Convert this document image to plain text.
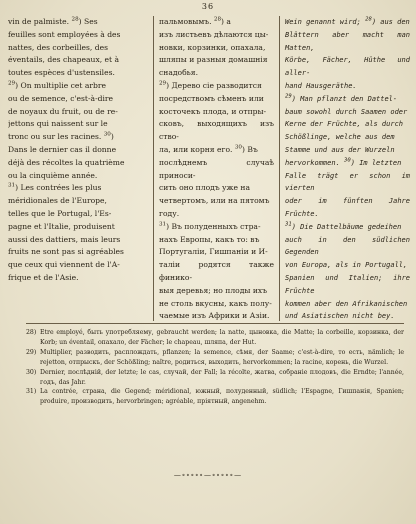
36

vin de palmiste. $^{28}$) Ses

feuilles sont employées à des

nattes, des corbeilles, des

éventails, des chapeaux, et à

toutes espèces d'ustensiles.

$^{29}$) On multiplie cet arbre

ou de semence, c'est-à-dire

de noyaux du fruit, ou de re-

jettons qui naissent sur le

tronc ou sur les racines. $^{30}$)

Dans le dernier cas il donne

déjà des récoltes la quatrième

ou la cinquième année.

$^{31}$) Les contrées les plus

méridionales de l'Europe,

telles que le Portugal, l'Es-

pagne et l'Italie, produisent

aussi des dattiers, mais leurs

fruits ne sont pas si agréables

que ceux qui viennent de l'A-

frique et de l'Asie.

пальмовымъ. $^{28}$) а

изъ листьевъ дѣлаются цы-

новки, корзинки, опахала,

шляпы и разныя домашнія

снадобья.

$^{29}$) Дерево сіе разводится

посредствомъ сѣменъ или

косточекъ плода, и отпры-

сковъ, выходящихъ изъ ство-

ла, или корня его. $^{30}$) Въ

послѣднемъ случаѣ приноси-

сить оно плодъ уже на

четвертомъ, или на пятомъ

году.

$^{31}$) Въ полуденныхъ стра-

нахъ Европы, какъ то: въ

Португаліи, Гишпаніи и И-

таліи родятся также финико-

выя деревья; но плоды ихъ

не столь вкусны, какъ полу-

чаемые изъ Африки и Азіи.

Wein genannt wird; $^{28}$) aus den

Blättern aber macht man Matten,

Körbe, Fächer, Hüthe und aller-

hand Hausgeräthe.

$^{29}$) Man pflanzt den Dattel-

baum sowohl durch Saamen oder

Kerne der Früchte, als durch

Schößlinge, welche aus dem

Stamme und aus der Wurzeln

hervorkommen. $^{30}$) Im letzten

Falle trägt er schon im vierten

oder im fünften Jahre Früchte.

$^{31}$) Die Dattelbäume gedeihen

auch in den südlichen Gegenden

von Europa, als in Portugall,

Spanien und Italien; ihre Früchte

kommen aber den Afrikanischen

und Asiatischen nicht bey.

28) Etre employé, быть употребляему, gebraucht werden; la natte, цыновка, die Matte; la corbeille, корзинка, der Korb; un éventail, опахало, der Fächer; le chapeau, шляпа, der Hut.
29) Multiplier, разводить, расплождать, pflanzen; la semence, сѣмя, der Saame; c'est-à-dire, то есть, nämlich; le rejetton, отпрыскъ, der Schößling; naître, родиться, выходить, hervorkommen; la racine, корень, die Wurzel.
30) Dernier, послѣдній, der letzte; le cas, случай, der Fall; la récolte, жатва, собраніе плодовъ, die Erndte; l'année, годъ, das Jahr.
31) La contrée, страна, die Gegend; méridional, южный, полуденный, südlich; l'Espagne, Гишпанія, Spanien; produire, производить, hervorbringen; agréable, пріятный, angenehm.
—∘∘∘∘∘—∘∘∘∘∘—
